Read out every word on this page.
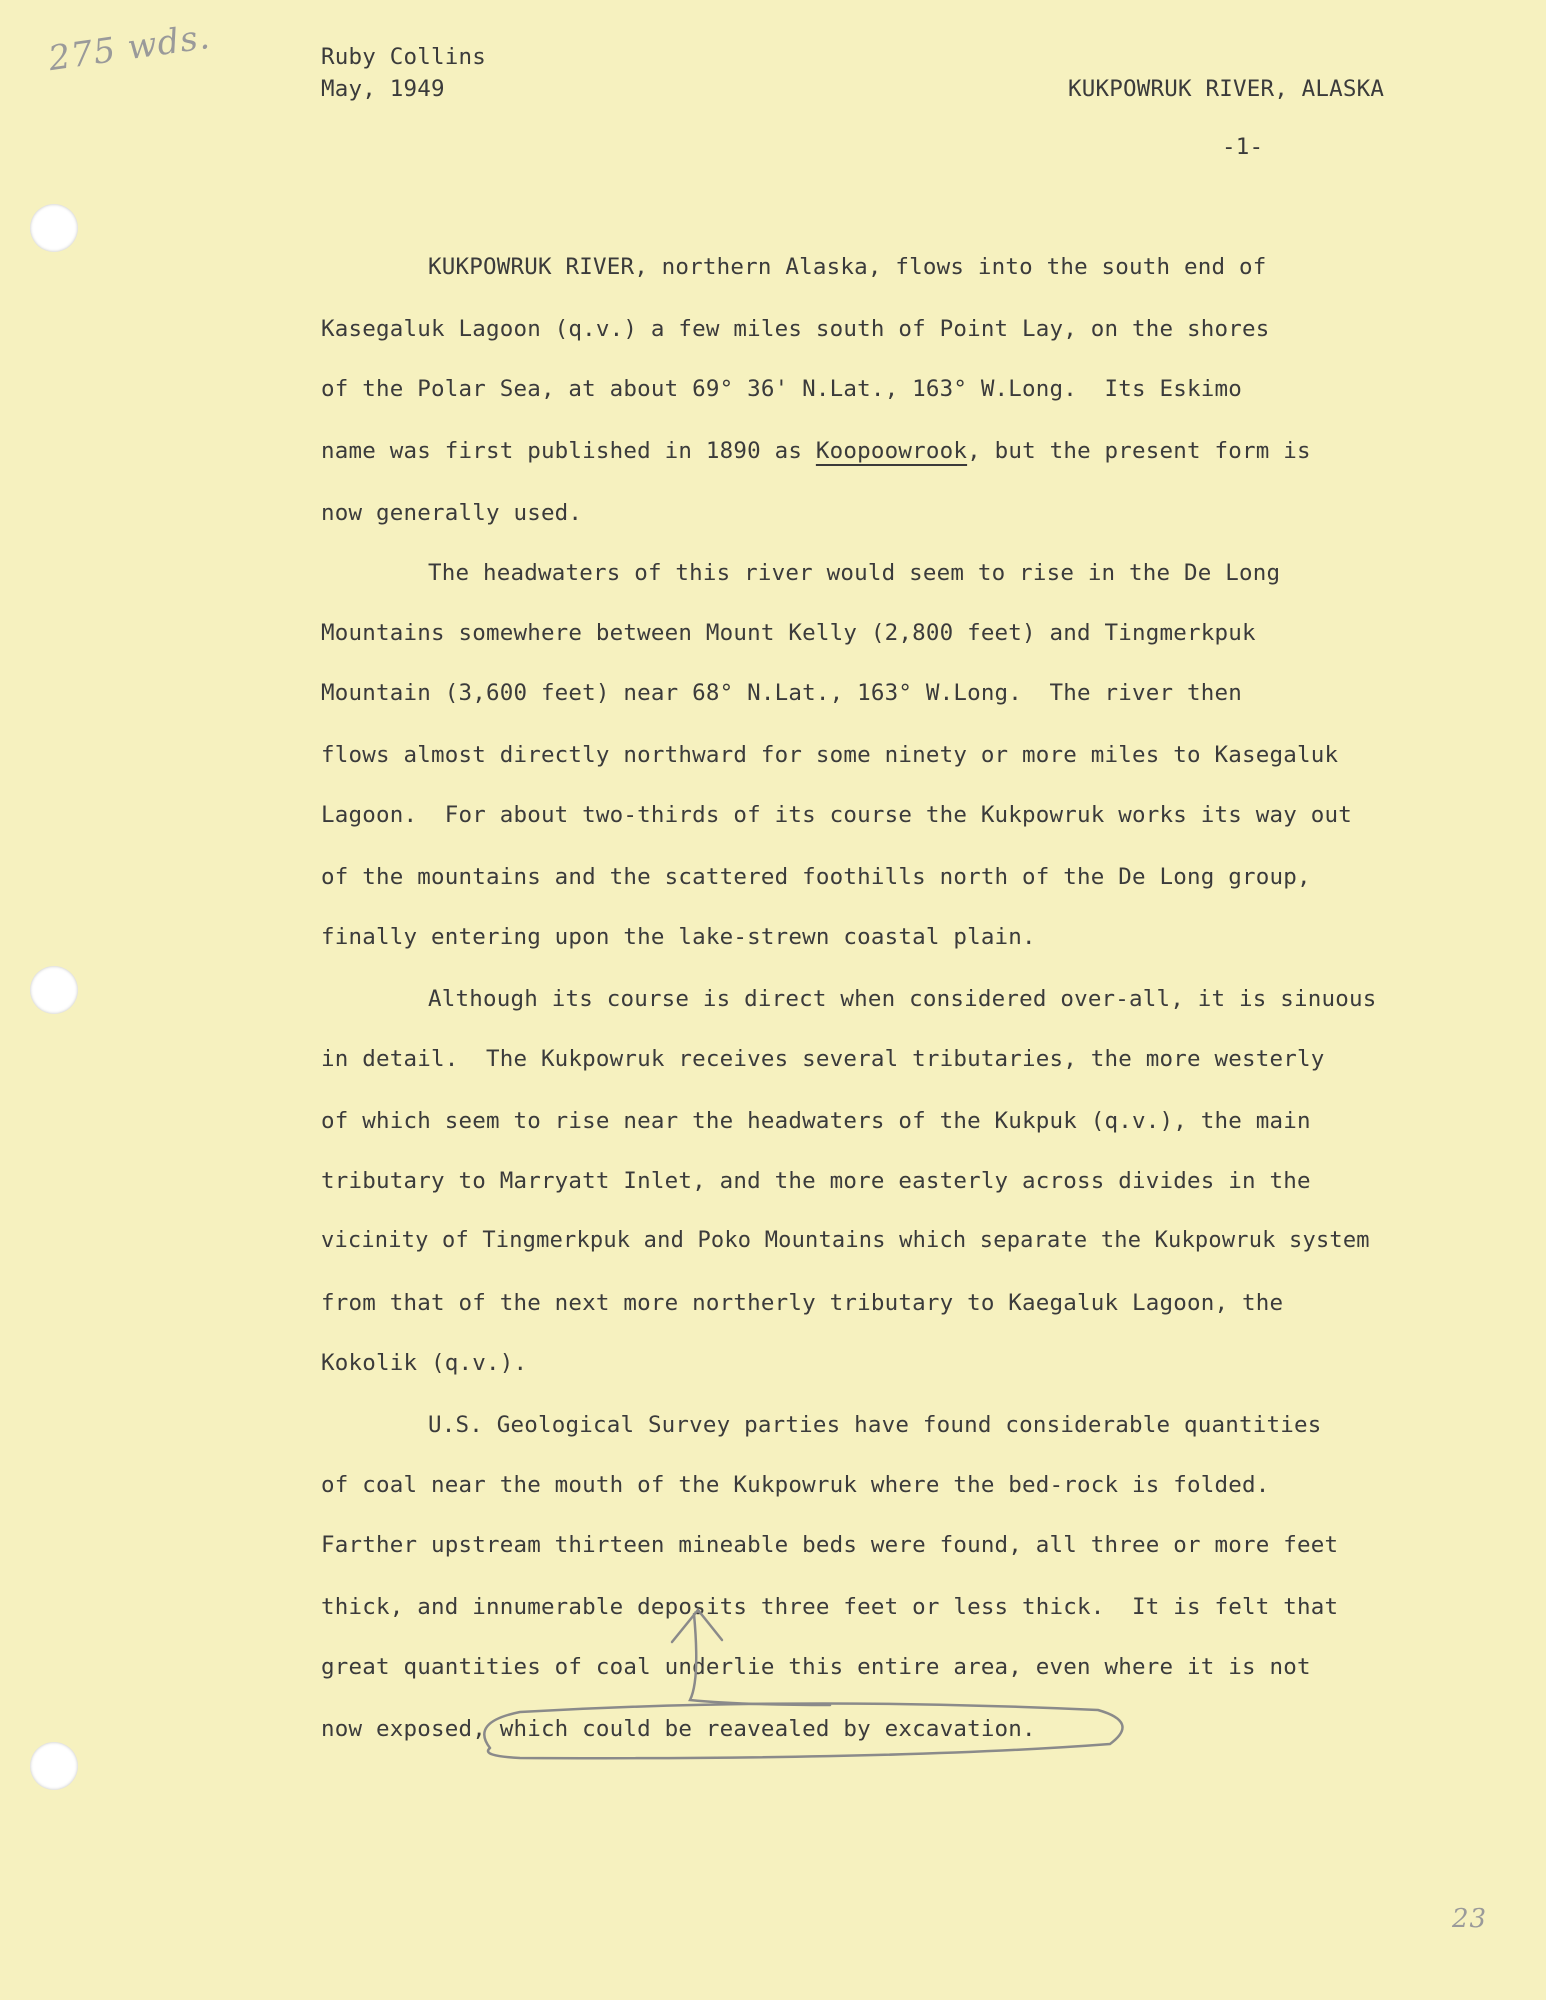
275 wds.
23
Ruby Collins
May, 1949	KUKPOWRUK RIVER, ALASKA
-1-
KUKPOWRUK RIVER, northern Alaska, flows into the south end of
Kasegaluk Lagoon (q.v.) a few miles south of Point Lay, on the shores
of the Polar Sea, at about 69° 36' N.Lat., 163° W.Long.  Its Eskimo
name was first published in 1890 as Koopoowrook, but the present form is
now generally used.
The headwaters of this river would seem to rise in the De Long
Mountains somewhere between Mount Kelly (2,800 feet) and Tingmerkpuk
Mountain (3,600 feet) near 68° N.Lat., 163° W.Long.  The river then
flows almost directly northward for some ninety or more miles to Kasegaluk
Lagoon.  For about two-thirds of its course the Kukpowruk works its way out
of the mountains and the scattered foothills north of the De Long group,
finally entering upon the lake-strewn coastal plain.
Although its course is direct when considered over-all, it is sinuous
in detail.  The Kukpowruk receives several tributaries, the more westerly
of which seem to rise near the headwaters of the Kukpuk (q.v.), the main
tributary to Marryatt Inlet, and the more easterly across divides in the
vicinity of Tingmerkpuk and Poko Mountains which separate the Kukpowruk system
from that of the next more northerly tributary to Kaegaluk Lagoon, the
Kokolik (q.v.).
U.S. Geological Survey parties have found considerable quantities
of coal near the mouth of the Kukpowruk where the bed-rock is folded.
Farther upstream thirteen mineable beds were found, all three or more feet
thick, and innumerable deposits three feet or less thick.  It is felt that
great quantities of coal underlie this entire area, even where it is not
now exposed, which could be reavealed by excavation.
